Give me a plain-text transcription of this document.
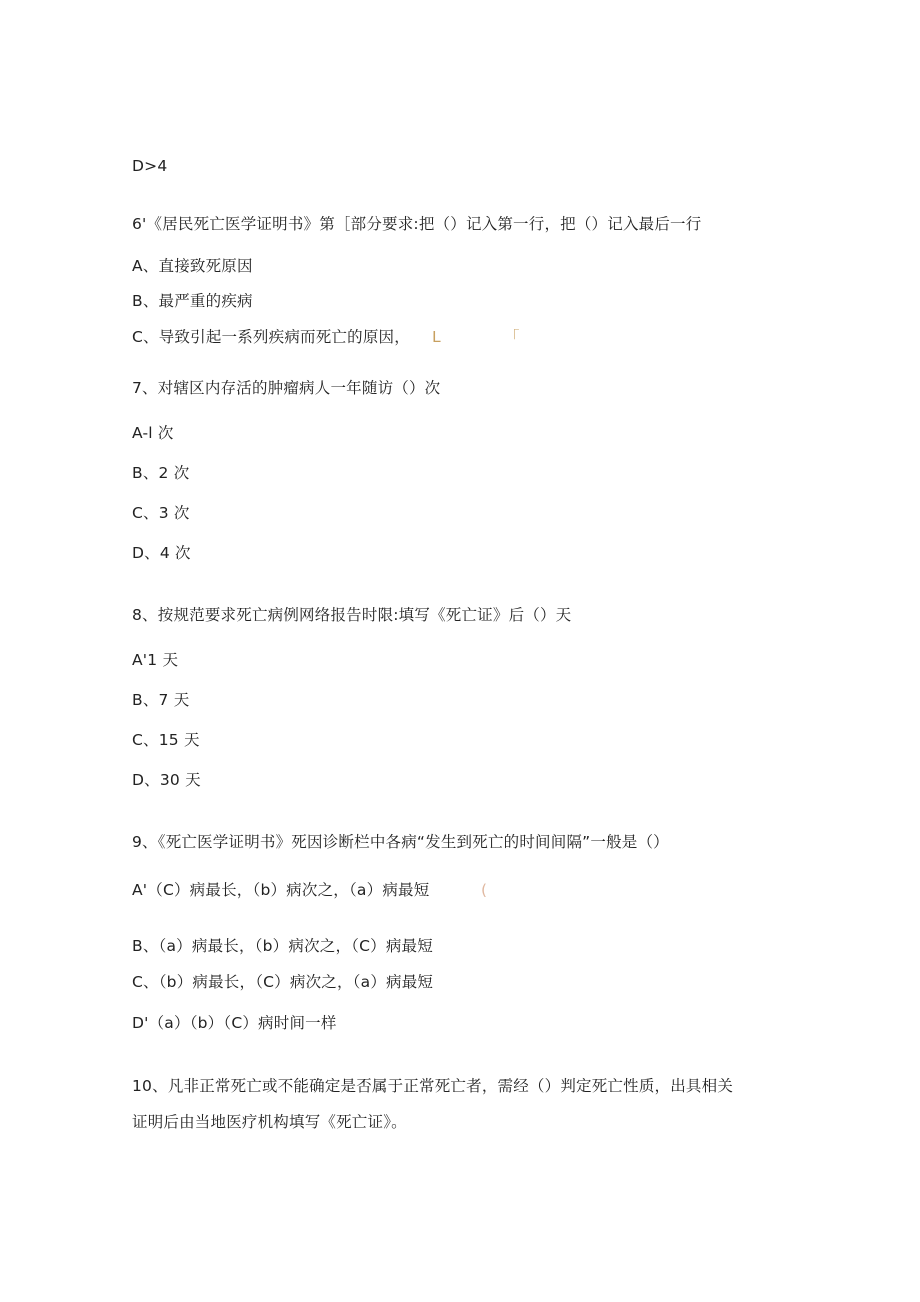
D>4
6'《居民死亡医学证明书》第［部分要求:把（）记入第一行，把（）记入最后一行
A、直接致死原因
B、最严重的疾病
C、导致引起一系列疾病而死亡的原因， L	「
7、对辖区内存活的肿瘤病人一年随访（）次
A-l 次
B、2 次
C、3 次
D、4 次
8、按规范要求死亡病例网络报告时限:填写《死亡证》后（）天
A'1 天
B、7 天
C、15 天
D、30 天
9、《死亡医学证明书》死因诊断栏中各病“发生到死亡的时间间隔”一般是（）
A'（C）病最长，（b）病次之，（a）病最短	(
B、（a）病最长，（b）病次之，（C）病最短
C、（b）病最长，（C）病次之，（a）病最短
D'（a）（b）（C）病时间一样
10、凡非正常死亡或不能确定是否属于正常死亡者，需经（）判定死亡性质，出具相关
证明后由当地医疗机构填写《死亡证》。
